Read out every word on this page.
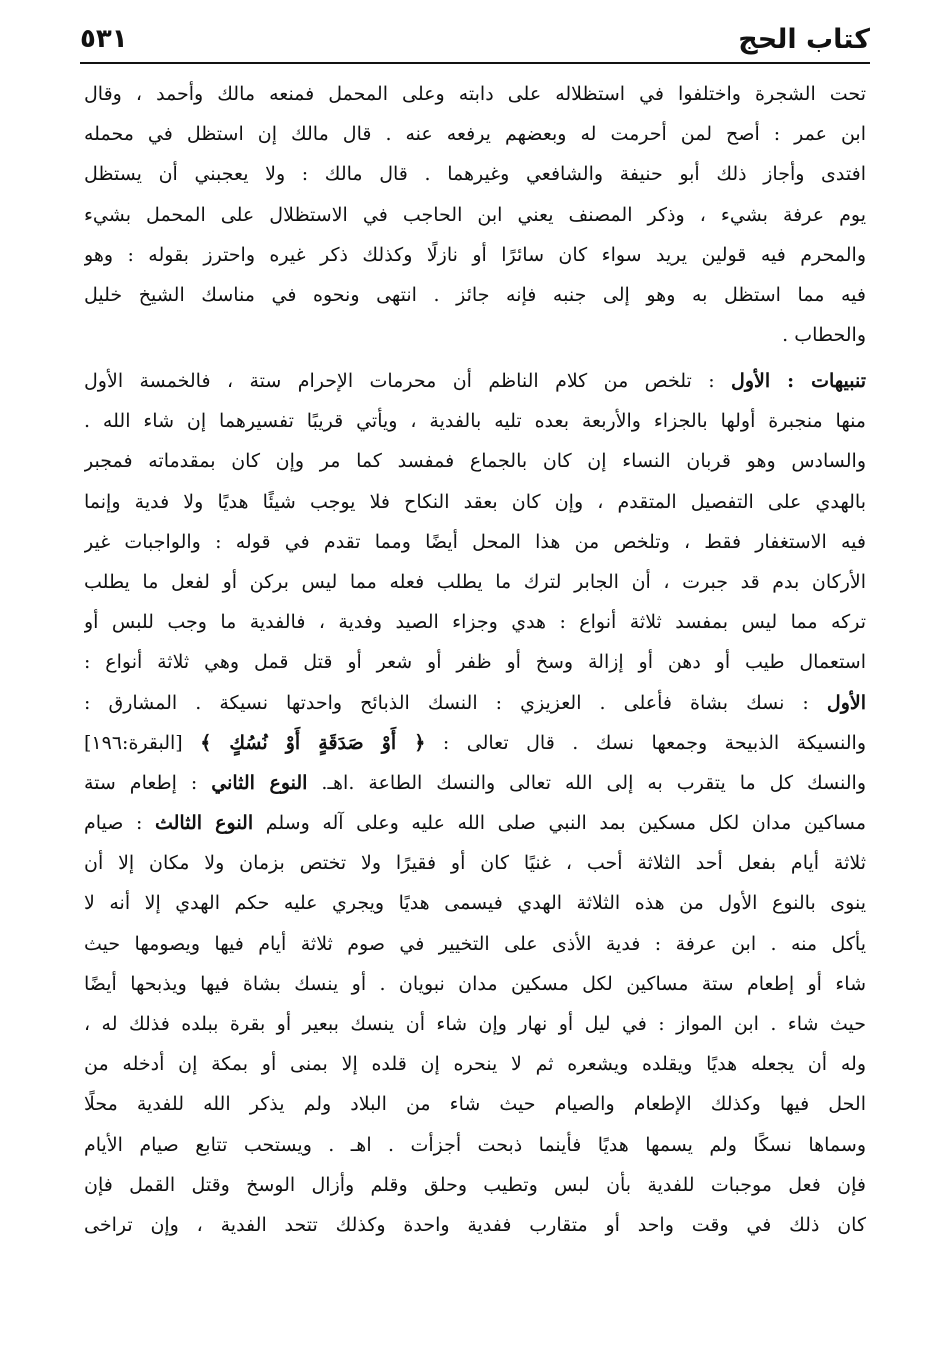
كتاب الحج
٥٣١
تحت الشجرة واختلفوا في استظلاله على دابته وعلى المحمل فمنعه مالك وأحمد ، وقال
ابن عمر : أصح لمن أحرمت له وبعضهم يرفعه عنه . قال مالك إن استظل في محمله
افتدى وأجاز ذلك أبو حنيفة والشافعي وغيرهما . قال مالك : ولا يعجبني أن يستظل
يوم عرفة بشيء ، وذكر المصنف يعني ابن الحاجب في الاستظلال على المحمل بشيء
والمحرم فيه قولين يريد سواء كان سائرًا أو نازلًا وكذلك ذكر غيره واحترز بقوله : وهو
فيه مما استظل به وهو إلى جنبه فإنه جائز . انتهى ونحوه في مناسك الشيخ خليل
والحطاب .
تنبيهات : الأول : تلخص من كلام الناظم أن محرمات الإحرام ستة ، فالخمسة الأول
منها منجبرة أولها بالجزاء والأربعة بعده تليه بالفدية ، ويأتي قريبًا تفسيرهما إن شاء الله .
والسادس وهو قربان النساء إن كان بالجماع فمفسد كما مر وإن كان بمقدماته فمجبر
بالهدي على التفصيل المتقدم ، وإن كان بعقد النكاح فلا يوجب شيئًا هديًا ولا فدية وإنما
فيه الاستغفار فقط ، وتلخص من هذا المحل أيضًا ومما تقدم في قوله : والواجبات غير
الأركان بدم قد جبرت ، أن الجابر لترك ما يطلب فعله مما ليس بركن أو لفعل ما يطلب
تركه مما ليس بمفسد ثلاثة أنواع : هدي وجزاء الصيد وفدية ، فالفدية ما وجب للبس أو
استعمال طيب أو دهن أو إزالة وسخ أو ظفر أو شعر أو قتل قمل وهي ثلاثة أنواع :
الأول : نسك بشاة فأعلى . العزيزي : النسك الذبائح واحدتها نسيكة . المشارق :
والنسيكة الذبيحة وجمعها نسك . قال تعالى : ﴿ أَوْ صَدَقَةٍ أَوْ نُسُكٍ ﴾ [البقرة:١٩٦]
والنسك كل ما يتقرب به إلى الله تعالى والنسك الطاعة .اهـ. النوع الثاني : إطعام ستة
مساكين مدان لكل مسكين بمد النبي صلى الله عليه وعلى آله وسلم النوع الثالث : صيام
ثلاثة أيام بفعل أحد الثلاثة أحب ، غنيًا كان أو فقيرًا ولا تختص بزمان ولا مكان إلا أن
ينوى بالنوع الأول من هذه الثلاثة الهدي فيسمى هديًا ويجري عليه حكم الهدي إلا أنه لا
يأكل منه . ابن عرفة : فدية الأذى على التخيير في صوم ثلاثة أيام فيها ويصومها حيث
شاء أو إطعام ستة مساكين لكل مسكين مدان نبويان . أو ينسك بشاة فيها ويذبحها أيضًا
حيث شاء . ابن المواز : في ليل أو نهار وإن شاء أن ينسك ببعير أو بقرة ببلده فذلك له ،
وله أن يجعله هديًا ويقلده ويشعره ثم لا ينحره إن قلده إلا بمنى أو بمكة إن أدخله من
الحل فيها وكذلك الإطعام والصيام حيث شاء من البلاد ولم يذكر الله للفدية محلًا
وسماها نسكًا ولم يسمها هديًا فأينما ذبحت أجزأت . اهـ . ويستحب تتابع صيام الأيام
فإن فعل موجبات للفدية بأن لبس وتطيب وحلق وقلم وأزال الوسخ وقتل القمل فإن
كان ذلك في وقت واحد أو متقارب ففدية واحدة وكذلك تتحد الفدية ، وإن تراخى
